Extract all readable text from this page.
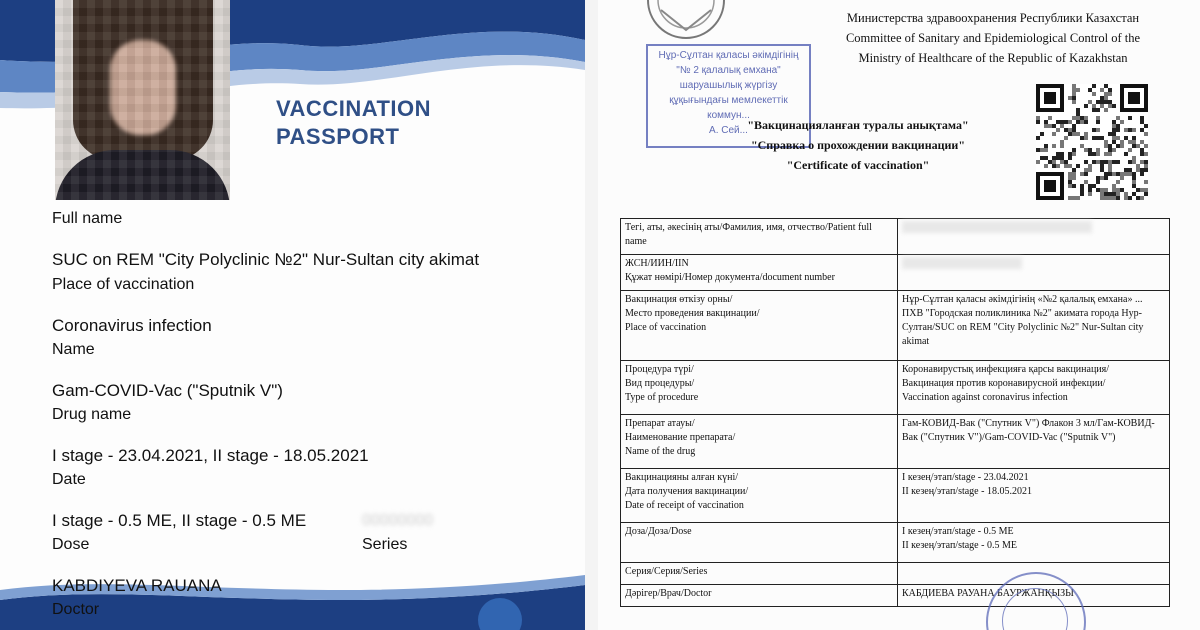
VACCINATION
PASSPORT
Full name
SUC on REM "City Polyclinic №2" Nur-Sultan city akimat
Place of vaccination
Coronavirus infection
Name
Gam-COVID-Vac ("Sputnik V")
Drug name
I stage - 23.04.2021, II stage - 18.05.2021
Date
I stage - 0.5 ME, II stage - 0.5 ME	00000000
Dose	Series
KABDIYEVA RAUANA
Doctor
Нұр-Сұлтан қаласы әкімдігінің
"№ 2 қалалық емхана"
шаруашылық жүргізу
құқығындағы мемлекеттік
коммун...
А. Сей...
Министерства здравоохранения Республики Казахстан
Committee of Sanitary and Epidemiological Control of the
Ministry of Healthcare of the Republic of Kazakhstan
"Вакцинацияланған туралы анықтама"
"Справка о прохождении вакцинации"
"Certificate of vaccination"
Тегі, аты, әкесінің аты/Фамилия, имя, отчество/Patient full name	
ЖСН/ИИН/IIN
Құжат нөмірі/Номер документа/document number	
Вакцинация өткізу орны/
Место проведения вакцинации/
Place of vaccination	Нұр-Сұлтан қаласы әкімдігінің «№2 қалалық емхана» ... ПХВ "Городская поликлиника №2" акимата города Нур-Султан/SUC on REM "City Polyclinic №2" Nur-Sultan city akimat
Процедура түрі/
Вид процедуры/
Type of procedure	Коронавирустық инфекцияға қарсы вакцинация/
Вакцинация против коронавирусной инфекции/
Vaccination against coronavirus infection
Препарат атауы/
Наименование препарата/
Name of the drug	Гам-КОВИД-Вак ("Спутник V") Флакон 3 мл/Гам-КОВИД-Вак ("Спутник V")/Gam-COVID-Vac ("Sputnik V")
Вакцинацияны алған күні/
Дата получения вакцинации/
Date of receipt of vaccination	I кезең/этап/stage - 23.04.2021
II кезең/этап/stage - 18.05.2021
Доза/Доза/Dose	I кезең/этап/stage - 0.5 МЕ
II кезең/этап/stage - 0.5 МЕ
Серия/Серия/Series	
Дәрігер/Врач/Doctor	КАБДИЕВА РАУАНА БАУРЖАНҚЫЗЫ
